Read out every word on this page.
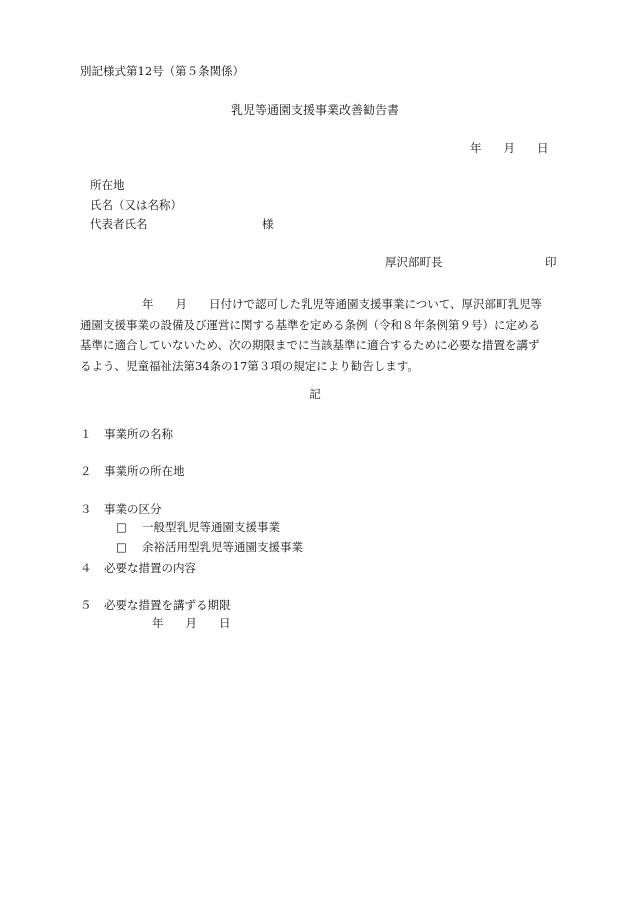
別記様式第12号（第５条関係）
乳児等通園支援事業改善勧告書
年 月 日
所在地
氏名（又は名称）
代表者氏名	様
厚沢部町長	印

年 月 日付けで認可した乳児等通園支援事業について、厚沢部町乳児等

通園支援事業の設備及び運営に関する基準を定める条例（令和８年条例第９号）に定める

基準に適合していないため、次の期限までに当該基準に適合するために必要な措置を講ず

るよう、児童福祉法第34条の17第３項の規定により勧告します。

記
１ 事業所の名称
２ 事業所の所在地
３ 事業の区分
□ 一般型乳児等通園支援事業
□ 余裕活用型乳児等通園支援事業
４ 必要な措置の内容
５ 必要な措置を講ずる期限
年 月 日
